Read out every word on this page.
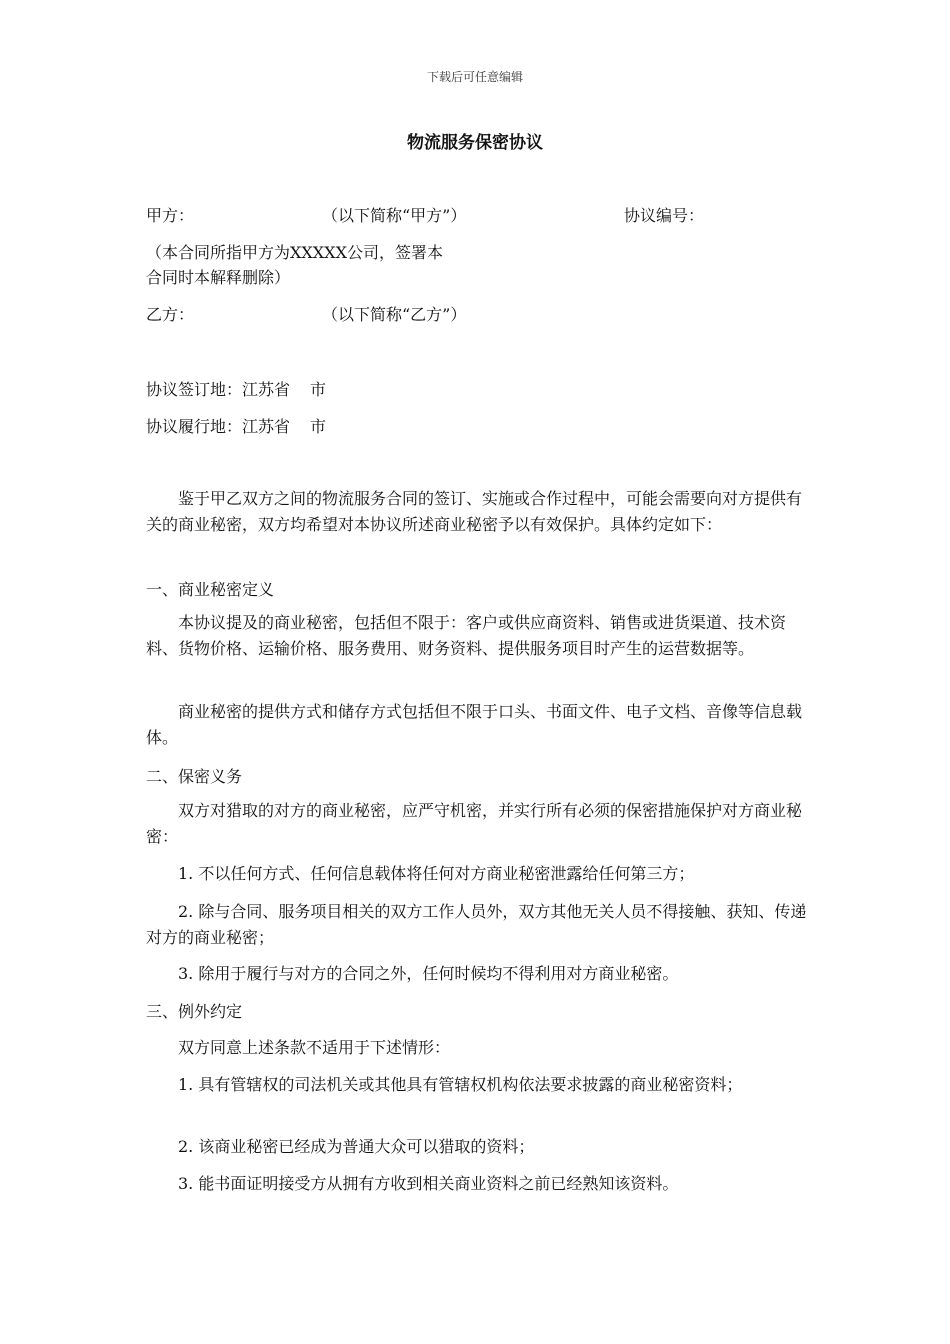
下载后可任意编辑
物流服务保密协议
甲方：	（以下简称“甲方”）	协议编号：
（本合同所指甲方为XXXXX公司，签署本
合同时本解释删除）
乙方：	（以下简称“乙方”）
协议签订地：江苏省 市
协议履行地：江苏省 市
鉴于甲乙双方之间的物流服务合同的签订、实施或合作过程中，可能会需要向对方提供有关的商业秘密，双方均希望对本协议所述商业秘密予以有效保护。具体约定如下：
一、商业秘密定义
本协议提及的商业秘密，包括但不限于：客户或供应商资料、销售或进货渠道、技术资料、货物价格、运输价格、服务费用、财务资料、提供服务项目时产生的运营数据等。
商业秘密的提供方式和储存方式包括但不限于口头、书面文件、电子文档、音像等信息载体。
二、保密义务
双方对猎取的对方的商业秘密，应严守机密，并实行所有必须的保密措施保护对方商业秘密：
1. 不以任何方式、任何信息载体将任何对方商业秘密泄露给任何第三方；
2. 除与合同、服务项目相关的双方工作人员外，双方其他无关人员不得接触、获知、传递对方的商业秘密；
3. 除用于履行与对方的合同之外，任何时候均不得利用对方商业秘密。
三、例外约定
双方同意上述条款不适用于下述情形：
1. 具有管辖权的司法机关或其他具有管辖权机构依法要求披露的商业秘密资料；
2. 该商业秘密已经成为普通大众可以猎取的资料；
3. 能书面证明接受方从拥有方收到相关商业资料之前已经熟知该资料。
